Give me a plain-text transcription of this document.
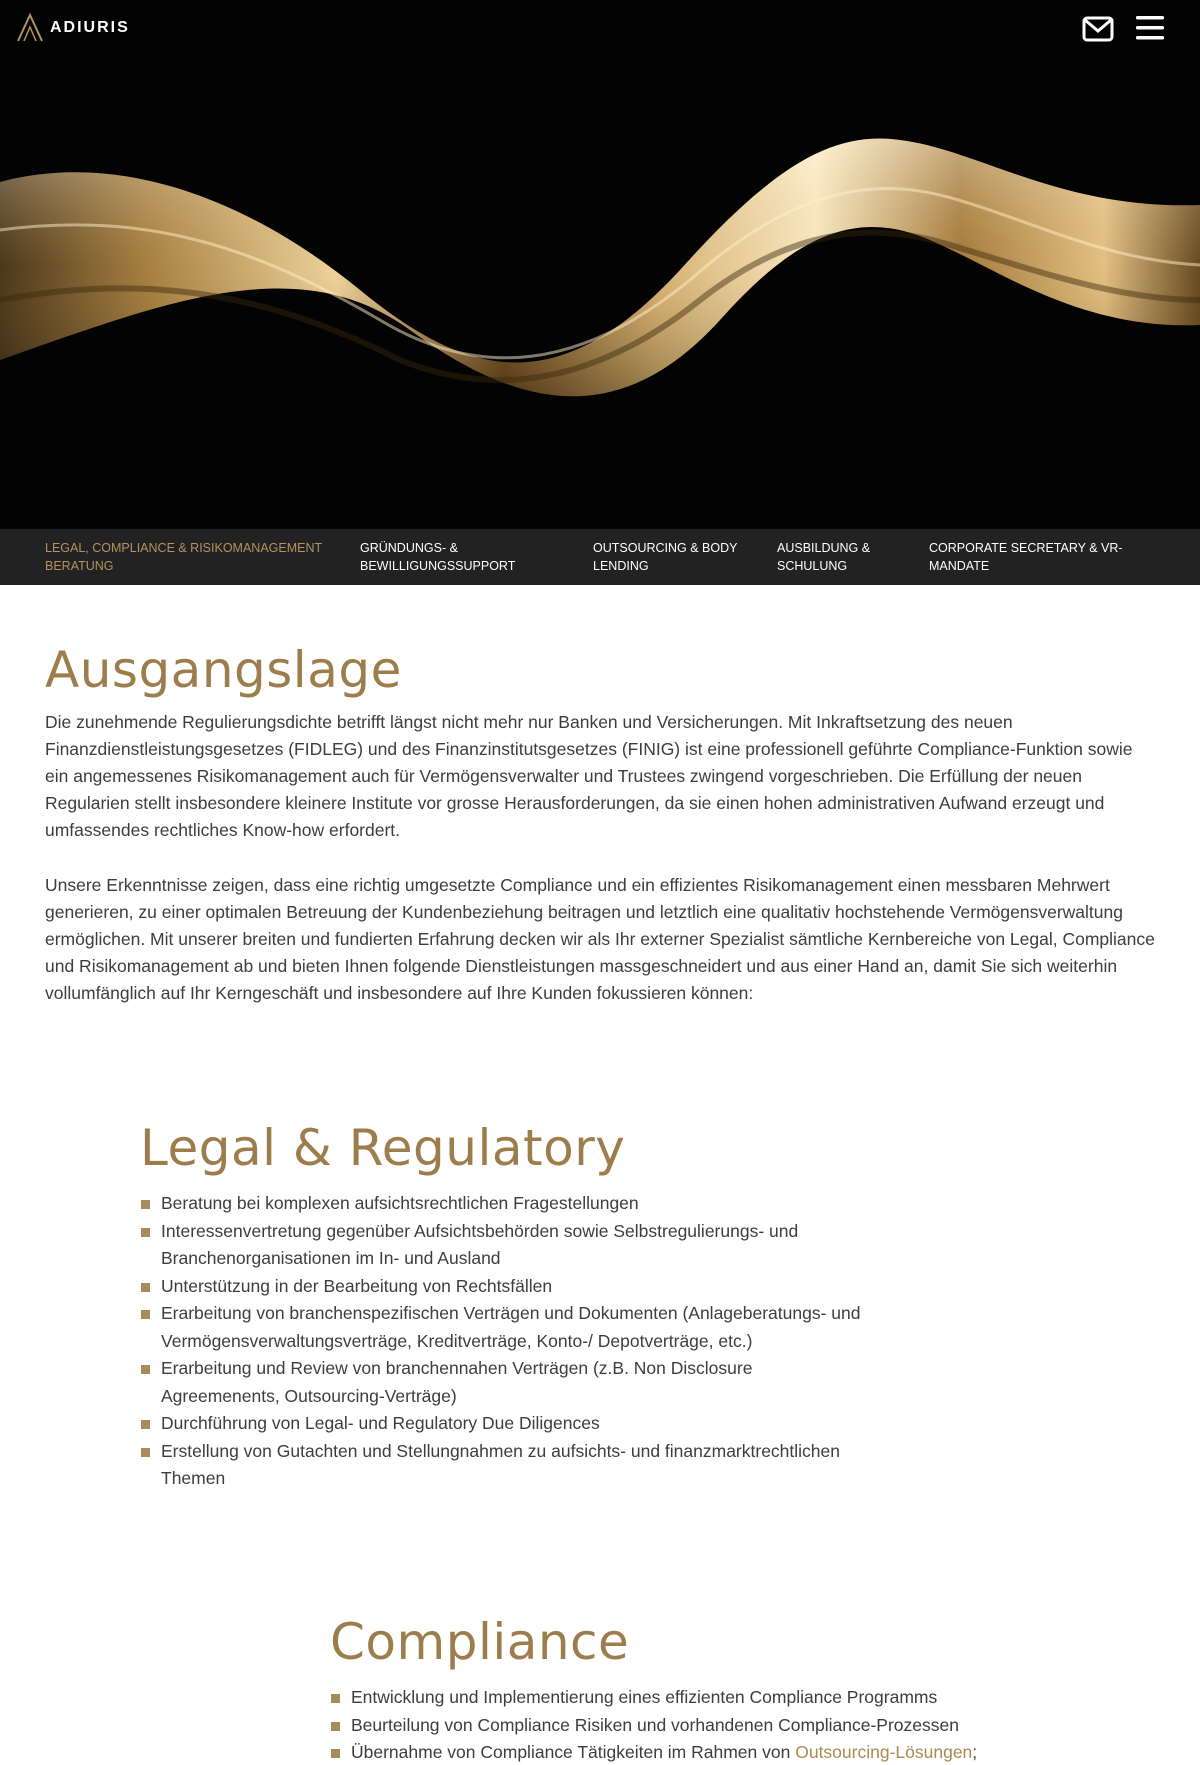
ADIURIS
LEGAL, COMPLIANCE & RISIKOMANAGEMENT
BERATUNG
GRÜNDUNGS- &
BEWILLIGUNGSSUPPORT
OUTSOURCING & BODY
LENDING
AUSBILDUNG &
SCHULUNG
CORPORATE SECRETARY & VR-
MANDATE
Ausgangslage

Die zunehmende Regulierungsdichte betrifft längst nicht mehr nur Banken und Versicherungen. Mit Inkraftsetzung des neuen Finanzdienstleistungsgesetzes (FIDLEG) und des Finanzinstitutsgesetzes (FINIG) ist eine professionell geführte Compliance-Funktion sowie ein angemessenes Risikomanagement auch für Vermögensverwalter und Trustees zwingend vorgeschrieben. Die Erfüllung der neuen Regularien stellt insbesondere kleinere Institute vor grosse Herausforderungen, da sie einen hohen administrativen Aufwand erzeugt und umfassendes rechtliches Know-how erfordert.

Unsere Erkenntnisse zeigen, dass eine richtig umgesetzte Compliance und ein effizientes Risikomanagement einen messbaren Mehrwert generieren, zu einer optimalen Betreuung der Kundenbeziehung beitragen und letztlich eine qualitativ hochstehende Vermögensverwaltung ermöglichen. Mit unserer breiten und fundierten Erfahrung decken wir als Ihr externer Spezialist sämtliche Kernbereiche von Legal, Compliance und Risikomanagement ab und bieten Ihnen folgende Dienstleistungen massgeschneidert und aus einer Hand an, damit Sie sich weiterhin vollumfänglich auf Ihr Kerngeschäft und insbesondere auf Ihre Kunden fokussieren können:

Legal & Regulatory
Beratung bei komplexen aufsichtsrechtlichen Fragestellungen
Interessenvertretung gegenüber Aufsichtsbehörden sowie Selbstregulierungs- und Branchenorganisationen im In- und Ausland
Unterstützung in der Bearbeitung von Rechtsfällen
Erarbeitung von branchenspezifischen Verträgen und Dokumenten (Anlageberatungs- und Vermögensverwaltungsverträge, Kreditverträge, Konto-/ Depotverträge, etc.)
Erarbeitung und Review von branchennahen Verträgen (z.B. Non Disclosure Agreemenents, Outsourcing-Verträge)
Durchführung von Legal- und Regulatory Due Diligences
Erstellung von Gutachten und Stellungnahmen zu aufsichts- und finanzmarktrechtlichen Themen
Compliance
Entwicklung und Implementierung eines effizienten Compliance Programms
Beurteilung von Compliance Risiken und vorhandenen Compliance-Prozessen
Übernahme von Compliance Tätigkeiten im Rahmen von Outsourcing-Lösungen;
